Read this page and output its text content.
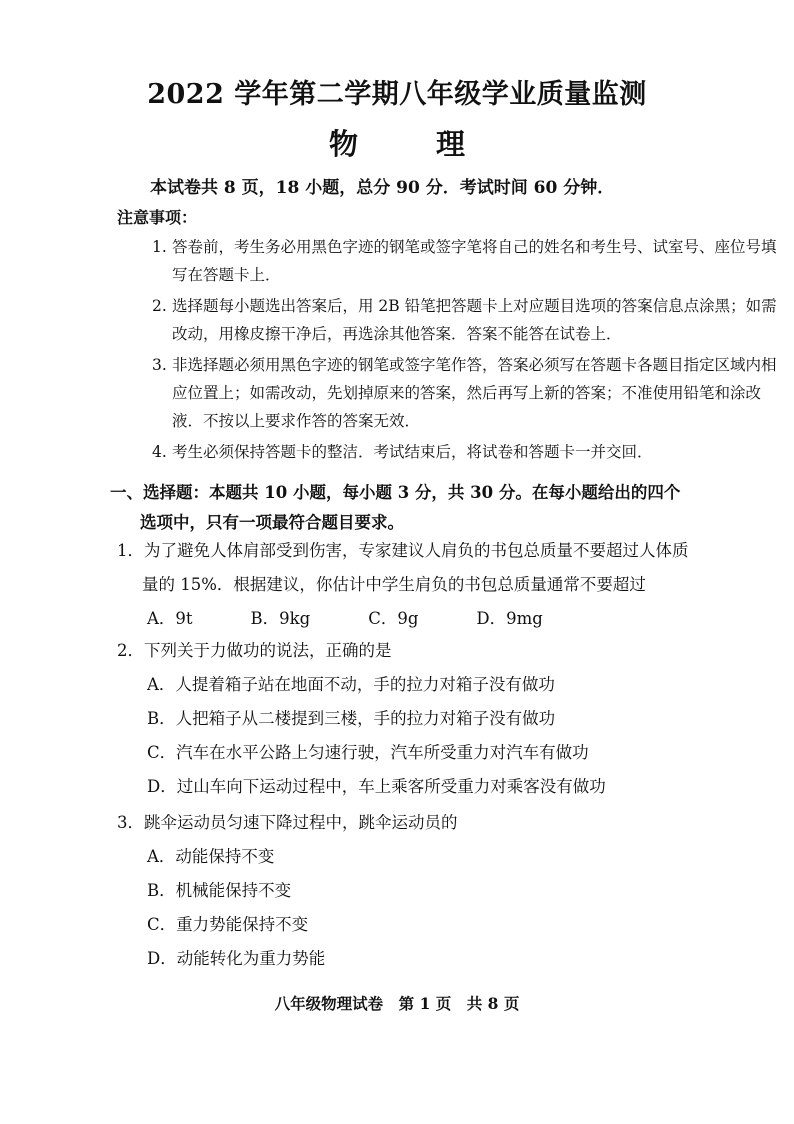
2022 学年第二学期八年级学业质量监测
物 理
本试卷共 8 页，18 小题，总分 90 分．考试时间 60 分钟．
注意事项：
1. 答卷前，考生务必用黑色字迹的钢笔或签字笔将自己的姓名和考生号、试室号、座位号填写在答题卡上．
2. 选择题每小题选出答案后，用 2B 铅笔把答题卡上对应题目选项的答案信息点涂黑；如需改动，用橡皮擦干净后，再选涂其他答案．答案不能答在试卷上．
3. 非选择题必须用黑色字迹的钢笔或签字笔作答，答案必须写在答题卡各题目指定区域内相应位置上；如需改动，先划掉原来的答案，然后再写上新的答案；不准使用铅笔和涂改液．不按以上要求作答的答案无效．
4. 考生必须保持答题卡的整洁．考试结束后，将试卷和答题卡一并交回．
一、选择题：本题共 10 小题，每小题 3 分，共 30 分。在每小题给出的四个
选项中，只有一项最符合题目要求。
1．为了避免人体肩部受到伤害，专家建议人肩负的书包总质量不要超过人体质
量的 15%．根据建议，你估计中学生肩负的书包总质量通常不要超过
A．9t	B．9kg	C．9g	D．9mg
2．下列关于力做功的说法，正确的是
A．人提着箱子站在地面不动，手的拉力对箱子没有做功
B．人把箱子从二楼提到三楼，手的拉力对箱子没有做功
C．汽车在水平公路上匀速行驶，汽车所受重力对汽车有做功
D．过山车向下运动过程中，车上乘客所受重力对乘客没有做功
3．跳伞运动员匀速下降过程中，跳伞运动员的
A．动能保持不变
B．机械能保持不变
C．重力势能保持不变
D．动能转化为重力势能
八年级物理试卷　第 1 页　共 8 页
